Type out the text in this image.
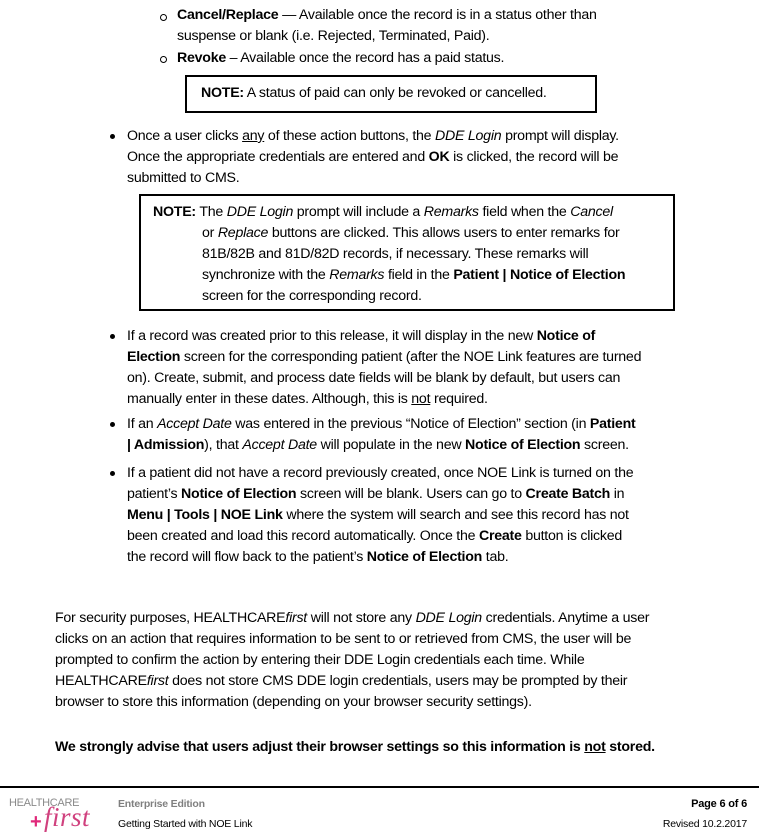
Cancel/Replace — Available once the record is in a status other than
suspense or blank (i.e. Rejected, Terminated, Paid).
Revoke – Available once the record has a paid status.
NOTE: A status of paid can only be revoked or cancelled.
Once a user clicks any of these action buttons, the DDE Login prompt will display.
Once the appropriate credentials are entered and OK is clicked, the record will be
submitted to CMS.
NOTE: The DDE Login prompt will include a Remarks field when the Cancel
or Replace buttons are clicked. This allows users to enter remarks for
81B/82B and 81D/82D records, if necessary. These remarks will
synchronize with the Remarks field in the Patient | Notice of Election
screen for the corresponding record.
If a record was created prior to this release, it will display in the new Notice of
Election screen for the corresponding patient (after the NOE Link features are turned
on). Create, submit, and process date fields will be blank by default, but users can
manually enter in these dates. Although, this is not required.
If an Accept Date was entered in the previous “Notice of Election” section (in Patient
| Admission), that Accept Date will populate in the new Notice of Election screen.
If a patient did not have a record previously created, once NOE Link is turned on the
patient’s Notice of Election screen will be blank. Users can go to Create Batch in
Menu | Tools | NOE Link where the system will search and see this record has not
been created and load this record automatically. Once the Create button is clicked
the record will flow back to the patient’s Notice of Election tab.
For security purposes, HEALTHCAREfirst will not store any DDE Login credentials. Anytime a user
clicks on an action that requires information to be sent to or retrieved from CMS, the user will be
prompted to confirm the action by entering their DDE Login credentials each time. While
HEALTHCAREfirst does not store CMS DDE login credentials, users may be prompted by their
browser to store this information (depending on your browser security settings).
We strongly advise that users adjust their browser settings so this information is not stored.
HEALTHCARE
+ first	Enterprise Edition
Getting Started with NOE Link
Page 6 of 6
Revised 10.2.2017
